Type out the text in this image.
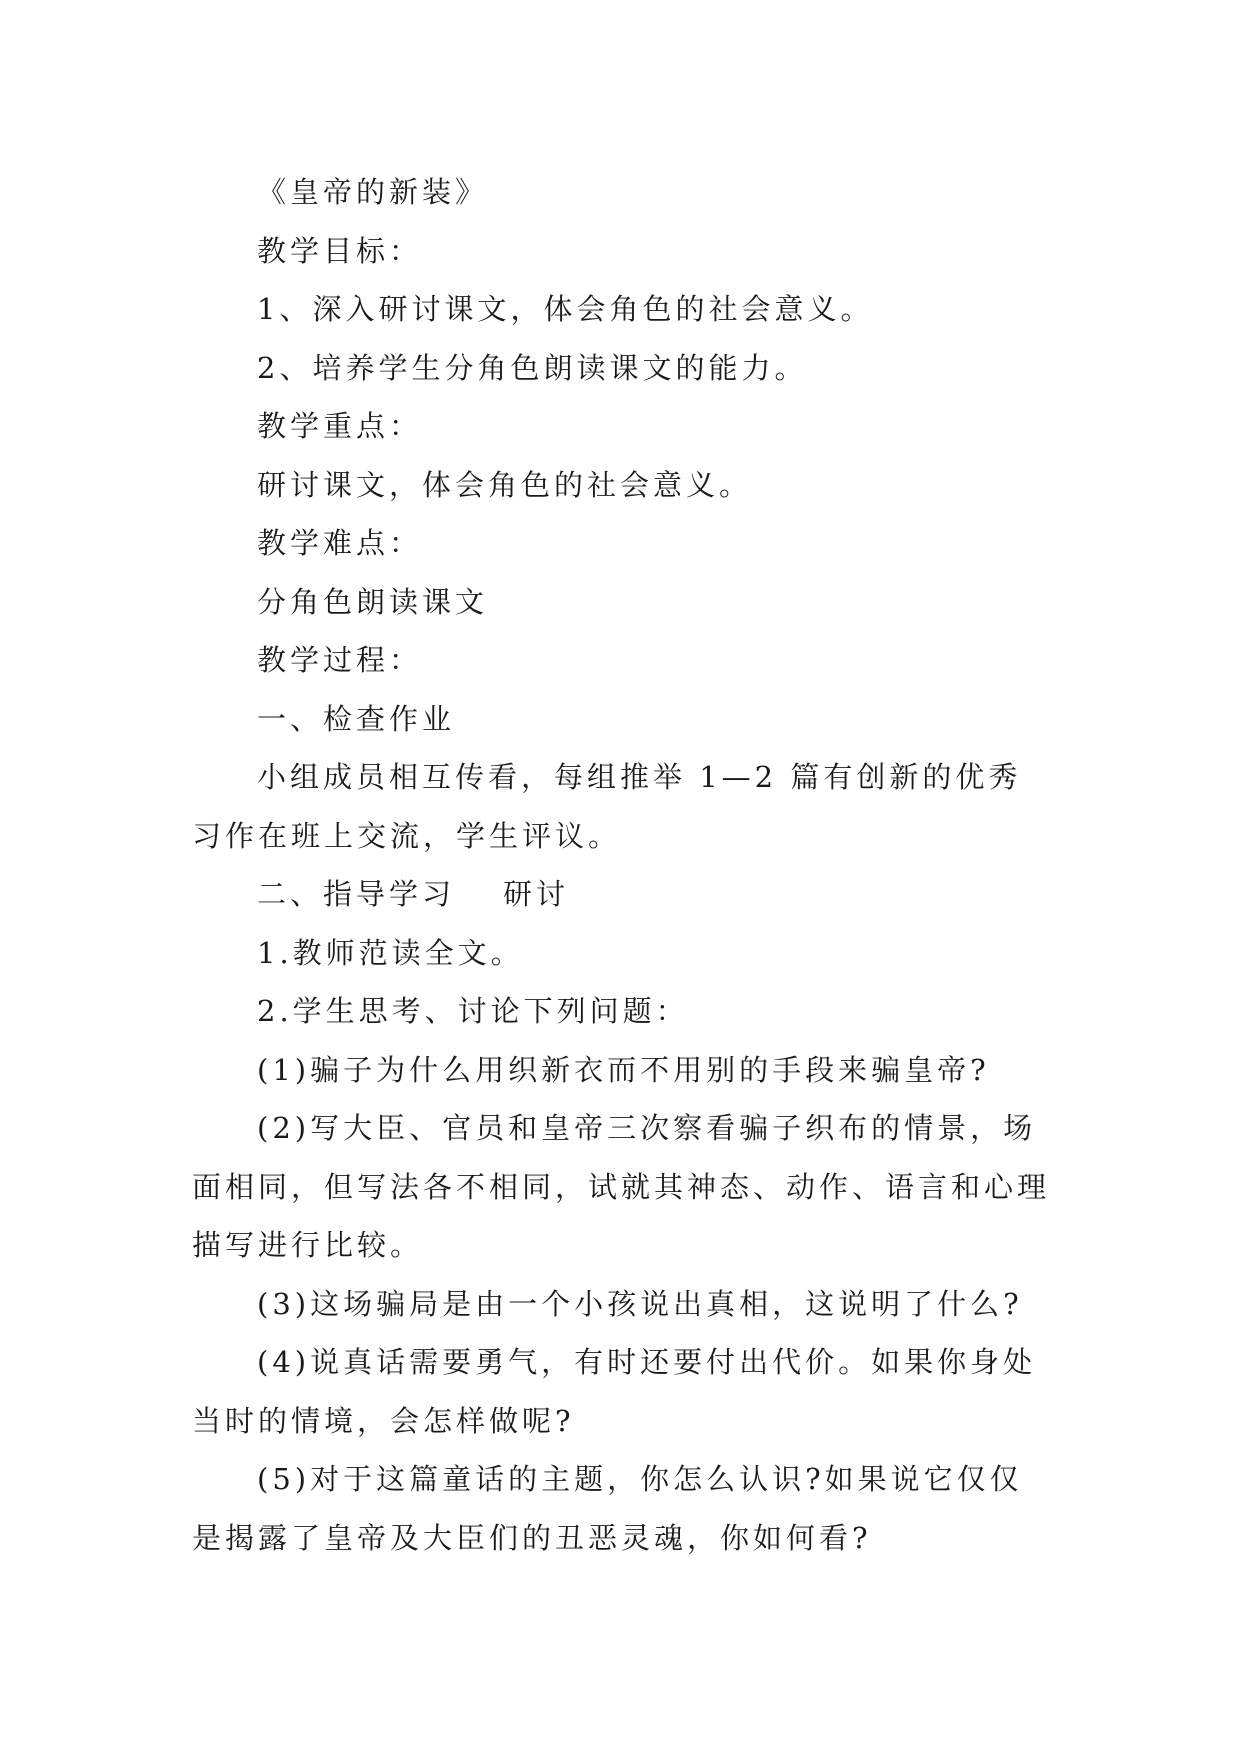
《皇帝的新装》

教学目标：

1、深入研讨课文，体会角色的社会意义。

2、培养学生分角色朗读课文的能力。

教学重点：

研讨课文，体会角色的社会意义。

教学难点：

分角色朗读课文

教学过程：

一、检查作业

小组成员相互传看，每组推举 1—2 篇有创新的优秀习作在班上交流，学生评议。

二、指导学习 研讨

1.教师范读全文。

2.学生思考、讨论下列问题：

(1)骗子为什么用织新衣而不用别的手段来骗皇帝?

(2)写大臣、官员和皇帝三次察看骗子织布的情景，场面相同，但写法各不相同，试就其神态、动作、语言和心理描写进行比较。

(3)这场骗局是由一个小孩说出真相，这说明了什么?

(4)说真话需要勇气，有时还要付出代价。如果你身处当时的情境，会怎样做呢?

(5)对于这篇童话的主题，你怎么认识?如果说它仅仅是揭露了皇帝及大臣们的丑恶灵魂，你如何看?
